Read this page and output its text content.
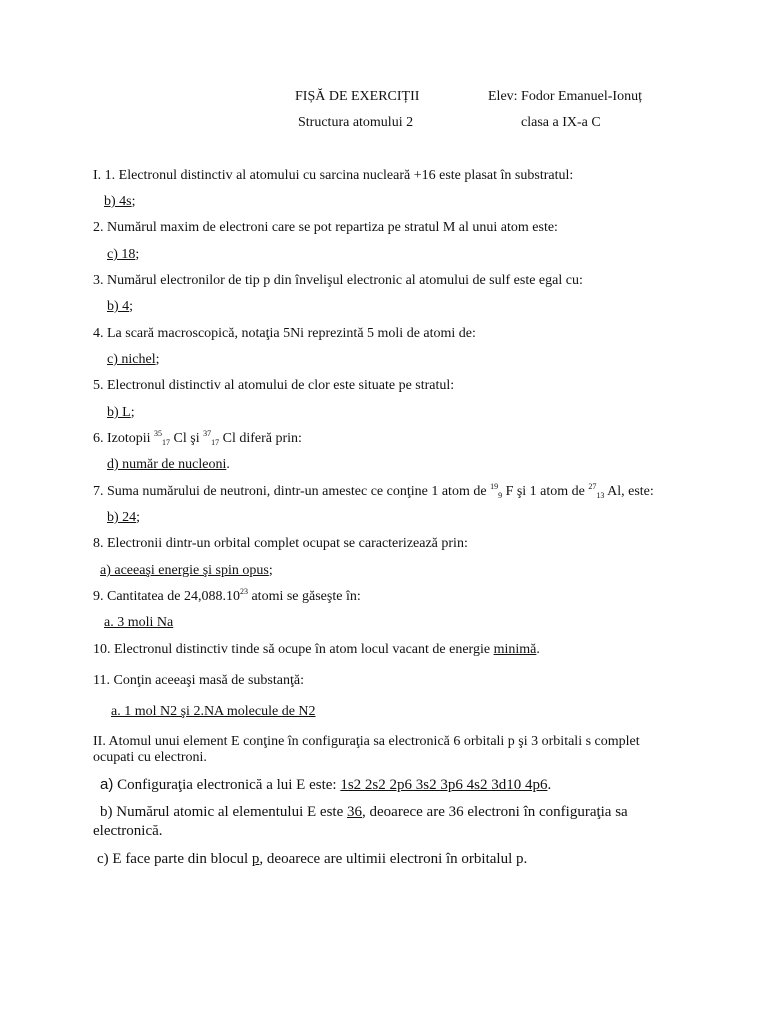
FIȘĂ DE EXERCIȚII	Elev: Fodor Emanuel-Ionuț
Structura atomului 2	clasa a IX-a C
I. 1. Electronul distinctiv al atomului cu sarcina nucleară +16 este plasat în substratul:
b) 4s;
2. Numărul maxim de electroni care se pot repartiza pe stratul M al unui atom este:
c) 18;
3. Numărul electronilor de tip p din învelişul electronic al atomului de sulf este egal cu:
b) 4;
4. La scară macroscopică, notaţia 5Ni reprezintă 5 moli de atomi de:
c) nichel;
5. Electronul distinctiv al atomului de clor este situate pe stratul:
b) L;
6. Izotopii $^{35}_{17}$ Cl şi $^{37}_{17}$ Cl diferă prin:
d) număr de nucleoni.
7. Suma numărului de neutroni, dintr-un amestec ce conţine 1 atom de $^{19}_9$ F şi 1 atom de $^{27}_{13}$ Al, este:
b) 24;
8. Electronii dintr-un orbital complet ocupat se caracterizează prin:
a) aceeaşi energie şi spin opus;
9. Cantitatea de 24,088.10$^{23}$ atomi se găseşte în:
a. 3 moli Na
10. Electronul distinctiv tinde să ocupe în atom locul vacant de energie minimă.
11. Conţin aceeaşi masă de substanţă:
a. 1 mol N2 şi 2.NA molecule de N2
II. Atomul unui element E conţine în configuraţia sa electronică 6 orbitali p şi 3 orbitali s complet
ocupati cu electroni.
a) Configuraţia electronică a lui E este: 1s2 2s2 2p6 3s2 3p6 4s2 3d10 4p6.
b) Numărul atomic al elementului E este 36, deoarece are 36 electroni în configuraţia sa
electronică.
c) E face parte din blocul p, deoarece are ultimii electroni în orbitalul p.
